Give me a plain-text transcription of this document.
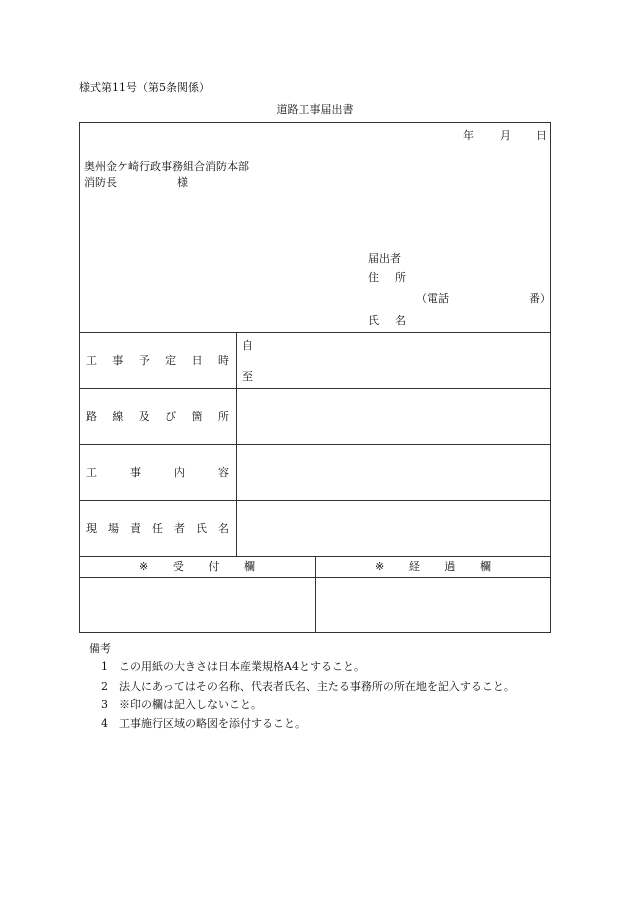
様式第11号（第5条関係）
道路工事届出書
年 月 日
奥州金ケ崎行政事務組合消防本部
消防長	様
届出者
住 所
（電話	番）
氏 名
工 事 予 定 日 時
自
至
路 線 及 び 箇 所
工	事	内	容
現 場 責 任 者 氏 名
※ 受 付 欄	※ 経 過 欄
備考
1 この用紙の大きさは日本産業規格A4とすること。
2 法人にあってはその名称、代表者氏名、主たる事務所の所在地を記入すること。
3 ※印の欄は記入しないこと。
4 工事施行区域の略図を添付すること。
